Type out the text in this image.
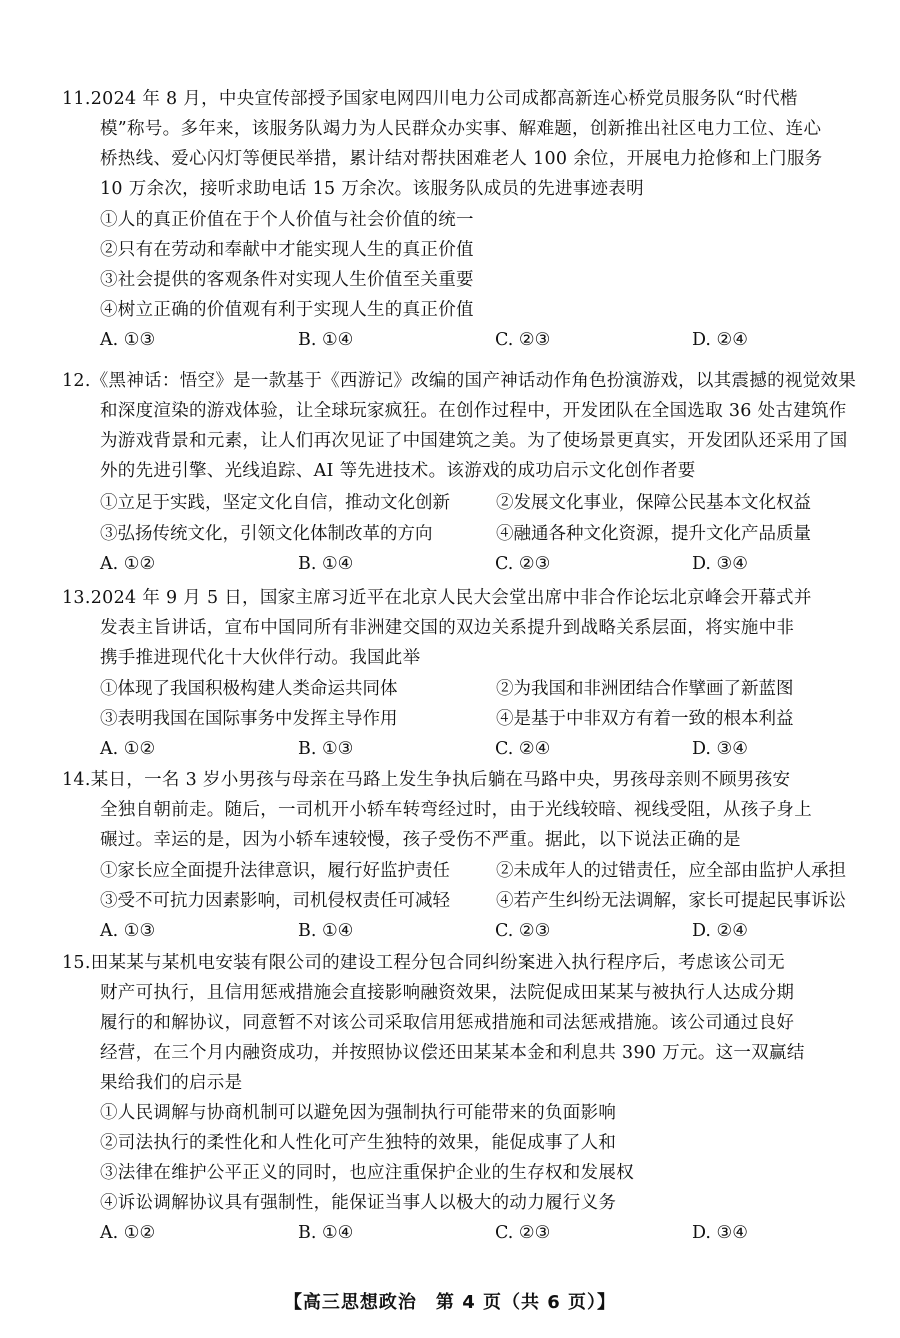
11.2024 年 8 月，中央宣传部授予国家电网四川电力公司成都高新连心桥党员服务队“时代楷
模”称号。多年来，该服务队竭力为人民群众办实事、解难题，创新推出社区电力工位、连心
桥热线、爱心闪灯等便民举措，累计结对帮扶困难老人 100 余位，开展电力抢修和上门服务
10 万余次，接听求助电话 15 万余次。该服务队成员的先进事迹表明
①人的真正价值在于个人价值与社会价值的统一
②只有在劳动和奉献中才能实现人生的真正价值
③社会提供的客观条件对实现人生价值至关重要
④树立正确的价值观有利于实现人生的真正价值
A. ①③	B. ①④	C. ②③	D. ②④
12.《黑神话：悟空》是一款基于《西游记》改编的国产神话动作角色扮演游戏，以其震撼的视觉效果
和深度渲染的游戏体验，让全球玩家疯狂。在创作过程中，开发团队在全国选取 36 处古建筑作
为游戏背景和元素，让人们再次见证了中国建筑之美。为了使场景更真实，开发团队还采用了国
外的先进引擎、光线追踪、AI 等先进技术。该游戏的成功启示文化创作者要
①立足于实践，坚定文化自信，推动文化创新	②发展文化事业，保障公民基本文化权益
③弘扬传统文化，引领文化体制改革的方向	④融通各种文化资源，提升文化产品质量
A. ①②	B. ①④	C. ②③	D. ③④
13.2024 年 9 月 5 日，国家主席习近平在北京人民大会堂出席中非合作论坛北京峰会开幕式并
发表主旨讲话，宣布中国同所有非洲建交国的双边关系提升到战略关系层面，将实施中非
携手推进现代化十大伙伴行动。我国此举
①体现了我国积极构建人类命运共同体	②为我国和非洲团结合作擘画了新蓝图
③表明我国在国际事务中发挥主导作用	④是基于中非双方有着一致的根本利益
A. ①②	B. ①③	C. ②④	D. ③④
14.某日，一名 3 岁小男孩与母亲在马路上发生争执后躺在马路中央，男孩母亲则不顾男孩安
全独自朝前走。随后，一司机开小轿车转弯经过时，由于光线较暗、视线受阻，从孩子身上
碾过。幸运的是，因为小轿车速较慢，孩子受伤不严重。据此，以下说法正确的是
①家长应全面提升法律意识，履行好监护责任	②未成年人的过错责任，应全部由监护人承担
③受不可抗力因素影响，司机侵权责任可减轻	④若产生纠纷无法调解，家长可提起民事诉讼
A. ①③	B. ①④	C. ②③	D. ②④
15.田某某与某机电安装有限公司的建设工程分包合同纠纷案进入执行程序后，考虑该公司无
财产可执行，且信用惩戒措施会直接影响融资效果，法院促成田某某与被执行人达成分期
履行的和解协议，同意暂不对该公司采取信用惩戒措施和司法惩戒措施。该公司通过良好
经营，在三个月内融资成功，并按照协议偿还田某某本金和利息共 390 万元。这一双赢结
果给我们的启示是
①人民调解与协商机制可以避免因为强制执行可能带来的负面影响
②司法执行的柔性化和人性化可产生独特的效果，能促成事了人和
③法律在维护公平正义的同时，也应注重保护企业的生存权和发展权
④诉讼调解协议具有强制性，能保证当事人以极大的动力履行义务
A. ①②	B. ①④	C. ②③	D. ③④
【高三思想政治　第 4 页（共 6 页）】
